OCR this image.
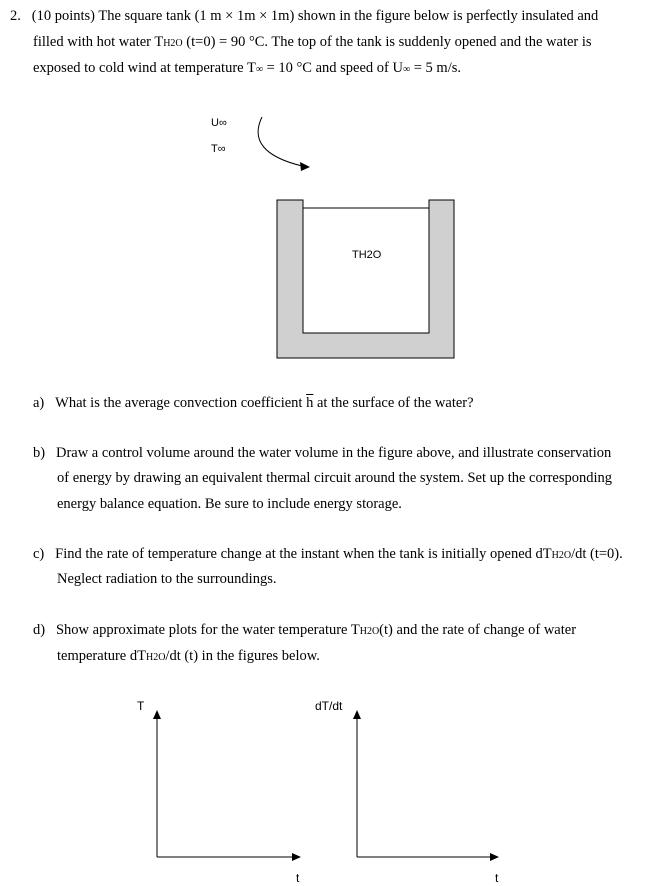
2. (10 points) The square tank (1 m × 1m × 1m) shown in the figure below is perfectly insulated and
filled with hot water TH2O (t=0) = 90 °C. The top of the tank is suddenly opened and the water is
exposed to cold wind at temperature T∞ = 10 °C and speed of U∞ = 5 m/s.
U∞
T∞
TH2O
T
t
dT/dt
t
a) What is the average convection coefficient $\overline{h}$ at the surface of the water?
b) Draw a control volume around the water volume in the figure above, and illustrate conservation
of energy by drawing an equivalent thermal circuit around the system. Set up the corresponding
energy balance equation. Be sure to include energy storage.
c) Find the rate of temperature change at the instant when the tank is initially opened dTH2O/dt (t=0).
Neglect radiation to the surroundings.
d) Show approximate plots for the water temperature TH2O(t) and the rate of change of water
temperature dTH2O/dt (t) in the figures below.
